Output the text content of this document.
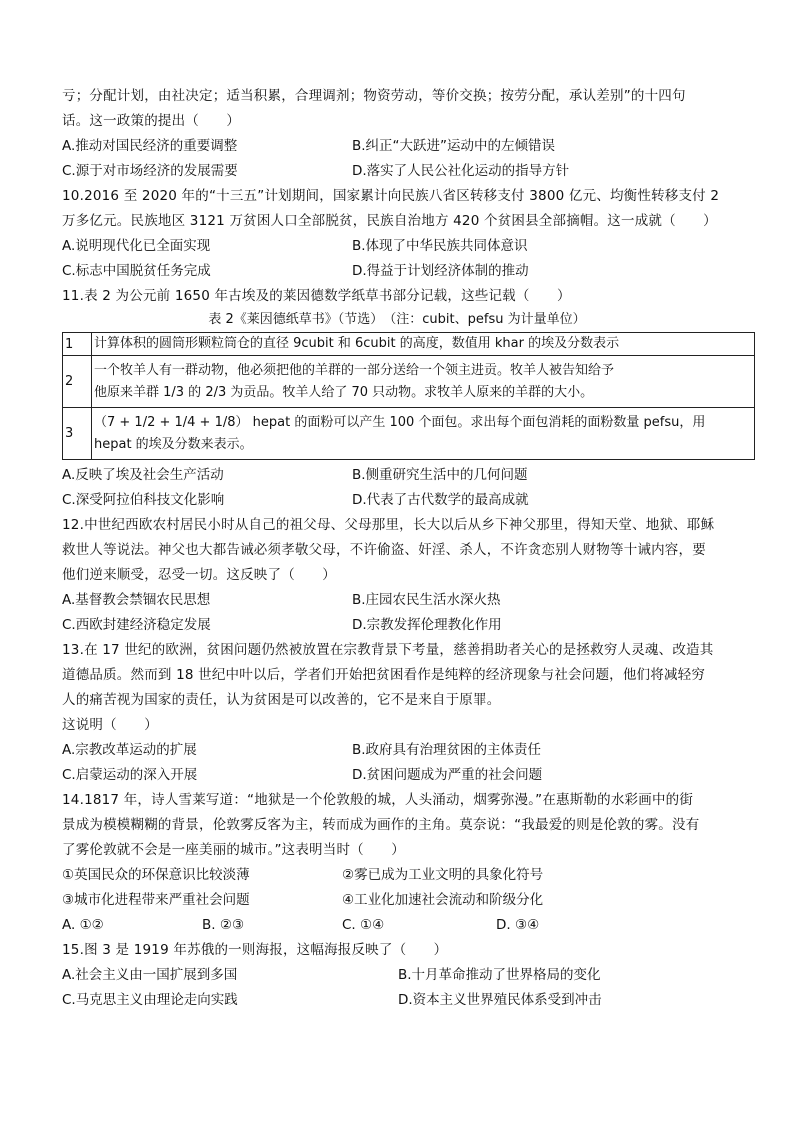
亏；分配计划，由社决定；适当积累，合理调剂；物资劳动，等价交换；按劳分配，承认差别”的十四句
话。这一政策的提出（　　）
A.推动对国民经济的重要调整	B.纠正“大跃进”运动中的左倾错误
C.源于对市场经济的发展需要	D.落实了人民公社化运动的指导方针
10.2016 至 2020 年的“十三五”计划期间，国家累计向民族八省区转移支付 3800 亿元、均衡性转移支付 2
万多亿元。民族地区 3121 万贫困人口全部脱贫，民族自治地方 420 个贫困县全部摘帽。这一成就（　　）
A.说明现代化已全面实现	B.体现了中华民族共同体意识
C.标志中国脱贫任务完成	D.得益于计划经济体制的推动
11.表 2 为公元前 1650 年古埃及的莱因德数学纸草书部分记载，这些记载（　　）
表 2《莱因德纸草书》（节选）　（注：cubit、pefsu 为计量单位）
1	计算体积的圆筒形颗粒筒仓的直径 9cubit 和 6cubit 的高度，数值用 khar 的埃及分数表示
2	一个牧羊人有一群动物，他必须把他的羊群的一部分送给一个领主进贡。牧羊人被告知给予
他原来羊群 1/3 的 2/3 为贡品。牧羊人给了 70 只动物。求牧羊人原来的羊群的大小。

3	（7 + 1/2 + 1/4 + 1/8） hepat 的面粉可以产生 100 个面包。求出每个面包消耗的面粉数量 pefsu，用
hepat 的埃及分数来表示。
A.反映了埃及社会生产活动	B.侧重研究生活中的几何问题
C.深受阿拉伯科技文化影响	D.代表了古代数学的最高成就
12.中世纪西欧农村居民小时从自己的祖父母、父母那里，长大以后从乡下神父那里，得知天堂、地狱、耶稣
救世人等说法。神父也大都告诫必须孝敬父母，不许偷盗、奸淫、杀人，不许贪恋别人财物等十诫内容，要
他们逆来顺受，忍受一切。这反映了（　　）
A.基督教会禁锢农民思想	B.庄园农民生活水深火热
C.西欧封建经济稳定发展	D.宗教发挥伦理教化作用
13.在 17 世纪的欧洲，贫困问题仍然被放置在宗教背景下考量，慈善捐助者关心的是拯救穷人灵魂、改造其
道德品质。然而到 18 世纪中叶以后，学者们开始把贫困看作是纯粹的经济现象与社会问题，他们将减轻穷
人的痛苦视为国家的责任，认为贫困是可以改善的，它不是来自于原罪。
这说明（　　）
A.宗教改革运动的扩展	B.政府具有治理贫困的主体责任
C.启蒙运动的深入开展	D.贫困问题成为严重的社会问题
14.1817 年，诗人雪莱写道：“地狱是一个伦敦般的城，人头涌动，烟雾弥漫。”在惠斯勒的水彩画中的街
景成为模模糊糊的背景，伦敦雾反客为主，转而成为画作的主角。莫奈说：“我最爱的则是伦敦的雾。没有
了雾伦敦就不会是一座美丽的城市。”这表明当时（　　）
①英国民众的环保意识比较淡薄	②雾已成为工业文明的具象化符号
③城市化进程带来严重社会问题	④工业化加速社会流动和阶级分化
A. ①②	B. ②③	C. ①④	D. ③④
15.图 3 是 1919 年苏俄的一则海报，这幅海报反映了（　　）
A.社会主义由一国扩展到多国	B.十月革命推动了世界格局的变化
C.马克思主义由理论走向实践	D.资本主义世界殖民体系受到冲击
